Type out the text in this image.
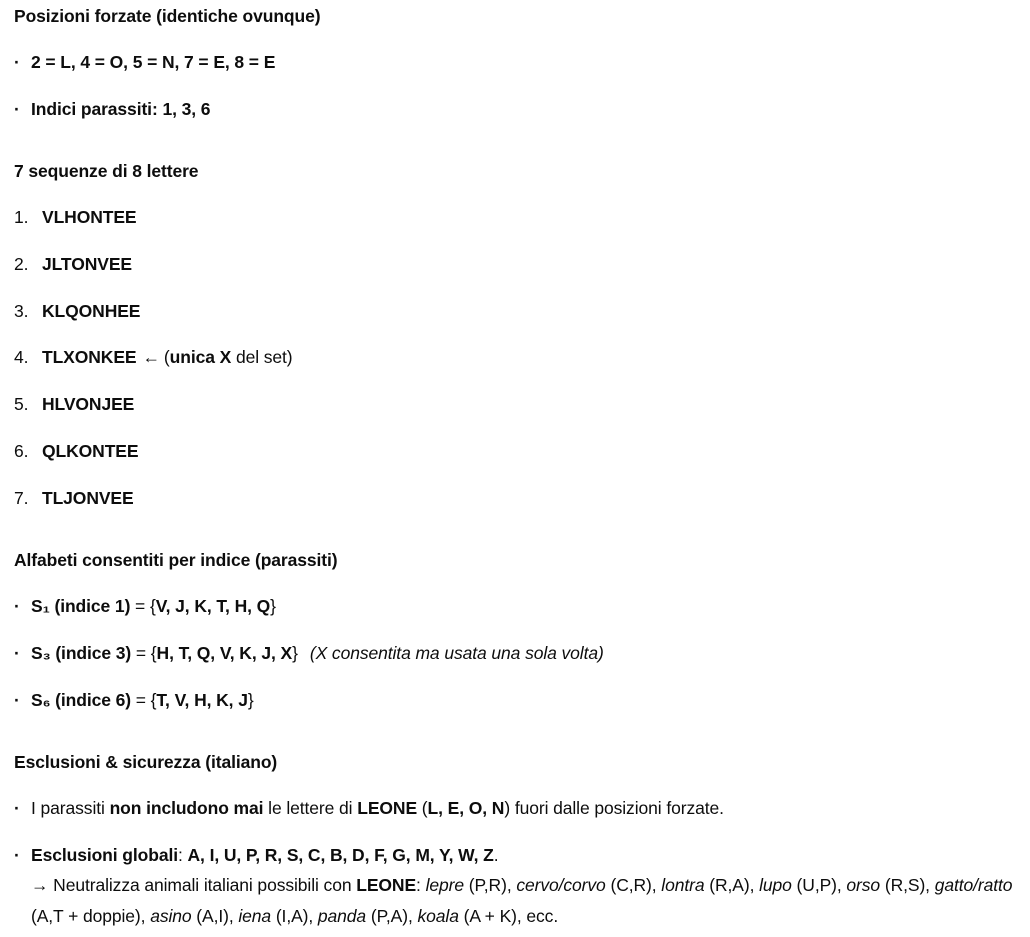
Posizioni forzate (identiche ovunque)
· 2 = L, 4 = O, 5 = N, 7 = E, 8 = E
· Indici parassiti: 1, 3, 6
7 sequenze di 8 lettere
1. VLHONTEE
2. JLTONVEE
3. KLQONHEE
4. TLXONKEE ← (unica X del set)
5. HLVONJEE
6. QLKONTEE
7. TLJONVEE
Alfabeti consentiti per indice (parassiti)
· S₁ (indice 1) = {V, J, K, T, H, Q}
· S₃ (indice 3) = {H, T, Q, V, K, J, X} (X consentita ma usata una sola volta)
· S₆ (indice 6) = {T, V, H, K, J}
Esclusioni & sicurezza (italiano)
· I parassiti non includono mai le lettere di LEONE (L, E, O, N) fuori dalle posizioni forzate.
· Esclusioni globali: A, I, U, P, R, S, C, B, D, F, G, M, Y, W, Z.
→ Neutralizza animali italiani possibili con LEONE: lepre (P,R), cervo/corvo (C,R), lontra (R,A), lupo (U,P), orso (R,S), gatto/ratto (A,T + doppie), asino (A,I), iena (I,A), panda (P,A), koala (A + K), ecc.
